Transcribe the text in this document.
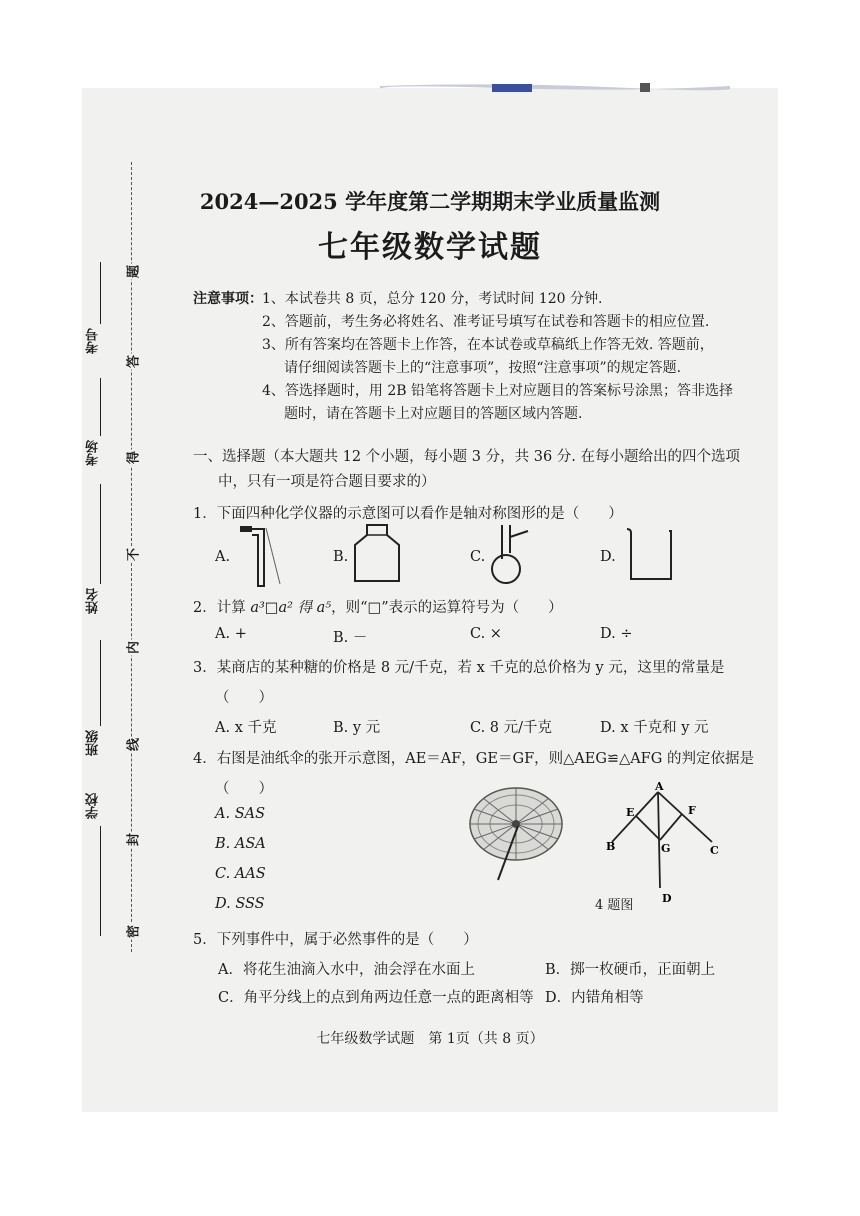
题
答
得
不
内
线
封
密
考号
考场
姓名
班级
学校
2024—2025 学年度第二学期期末学业质量监测
七年级数学试题
注意事项： 1、本试卷共 8 页，总分 120 分，考试时间 120 分钟.
2、答题前，考生务必将姓名、准考证号填写在试卷和答题卡的相应位置.
3、所有答案均在答题卡上作答，在本试卷或草稿纸上作答无效. 答题前，
请仔细阅读答题卡上的“注意事项”，按照“注意事项”的规定答题.
4、答选择题时，用 2B 铅笔将答题卡上对应题目的答案标号涂黑；答非选择
题时，请在答题卡上对应题目的答题区域内答题.
一、选择题（本大题共 12 个小题，每小题 3 分，共 36 分. 在每小题给出的四个选项
中，只有一项是符合题目要求的）
1．下面四种化学仪器的示意图可以看作是轴对称图形的是（　　）
A.	B.	C.	D.
2．计算 a³□a² 得 a⁵，则“□”表示的运算符号为（　　）
A. +	B. －	C. ×	D. ÷
3．某商店的某种糖的价格是 8 元/千克，若 x 千克的总价格为 y 元，这里的常量是
（　　）
A. x 千克	B. y 元	C. 8 元/千克	D. x 千克和 y 元
4．右图是油纸伞的张开示意图，AE＝AF，GE＝GF，则△AEG≌△AFG 的判定依据是
（　　）
A. SAS
B. ASA
C. AAS
D. SSS
A
E	F
B	G	C
D
4 题图
5．下列事件中，属于必然事件的是（　　）
A．将花生油滴入水中，油会浮在水面上	B．掷一枚硬币，正面朝上
C．角平分线上的点到角两边任意一点的距离相等 D．内错角相等
七年级数学试题　第 1页（共 8 页）
